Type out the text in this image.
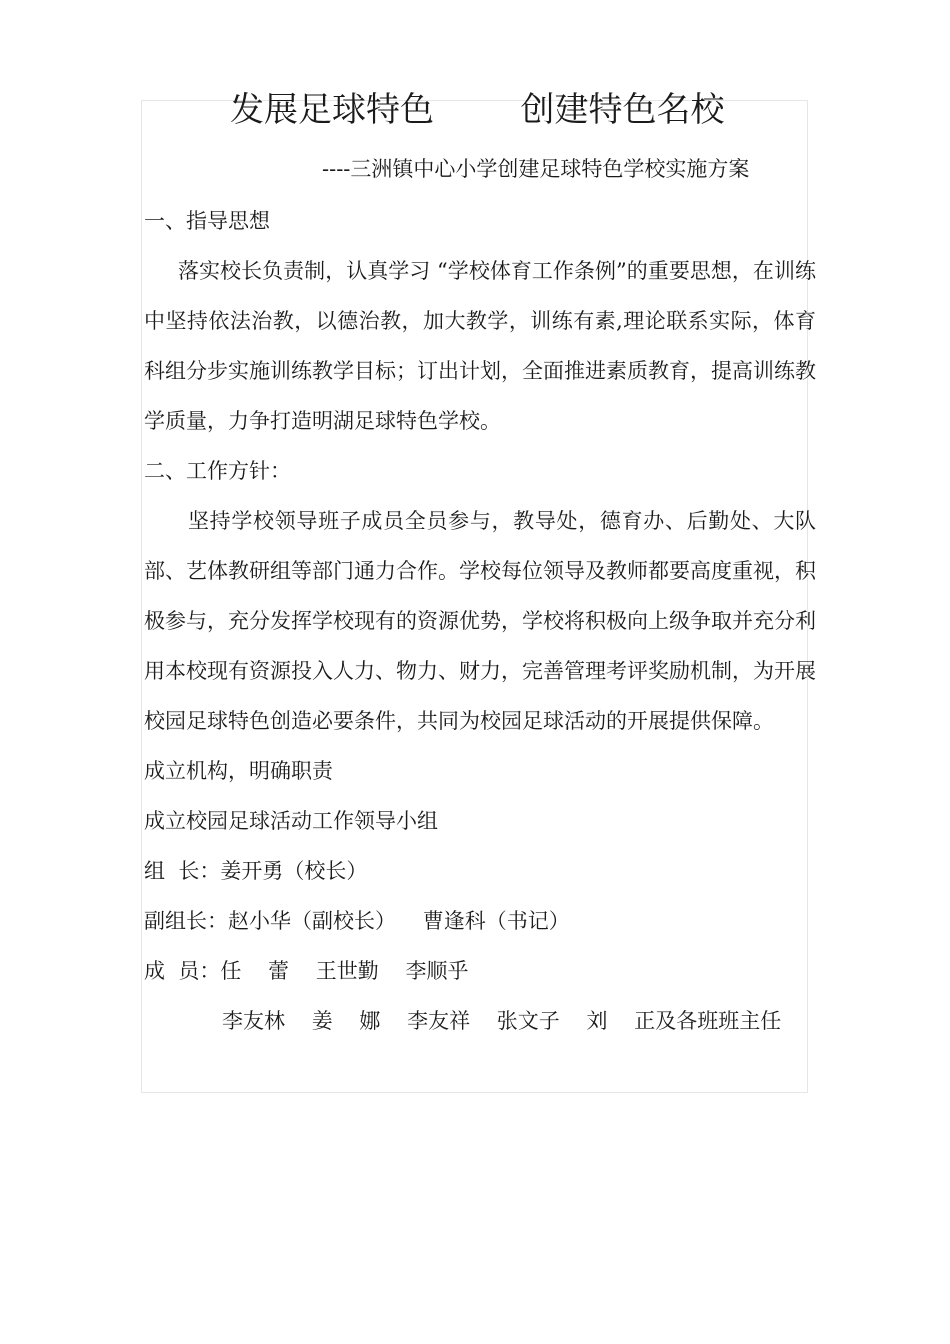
发展足球特色        创建特色名校

----三洲镇中心小学创建足球特色学校实施方案

一、指导思想

落实校长负责制，认真学习 “学校体育工作条例”的重要思想，在训练中坚持依法治教，以德治教，加大教学，训练有素,理论联系实际，体育科组分步实施训练教学目标；订出计划，全面推进素质教育，提高训练教学质量，力争打造明湖足球特色学校。

二、工作方针：

坚持学校领导班子成员全员参与，教导处，德育办、后勤处、大队部、艺体教研组等部门通力合作。学校每位领导及教师都要高度重视，积极参与，充分发挥学校现有的资源优势，学校将积极向上级争取并充分利用本校现有资源投入人力、物力、财力，完善管理考评奖励机制，为开展校园足球特色创造必要条件，共同为校园足球活动的开展提供保障。

成立机构，明确职责

成立校园足球活动工作领导小组

组  长：姜开勇（校长）

副组长：赵小华（副校长）    曹逢科（书记）

成  员：任    蕾    王世勤    李顺乎

李友林    姜    娜    李友祥    张文子    刘    正及各班班主任
